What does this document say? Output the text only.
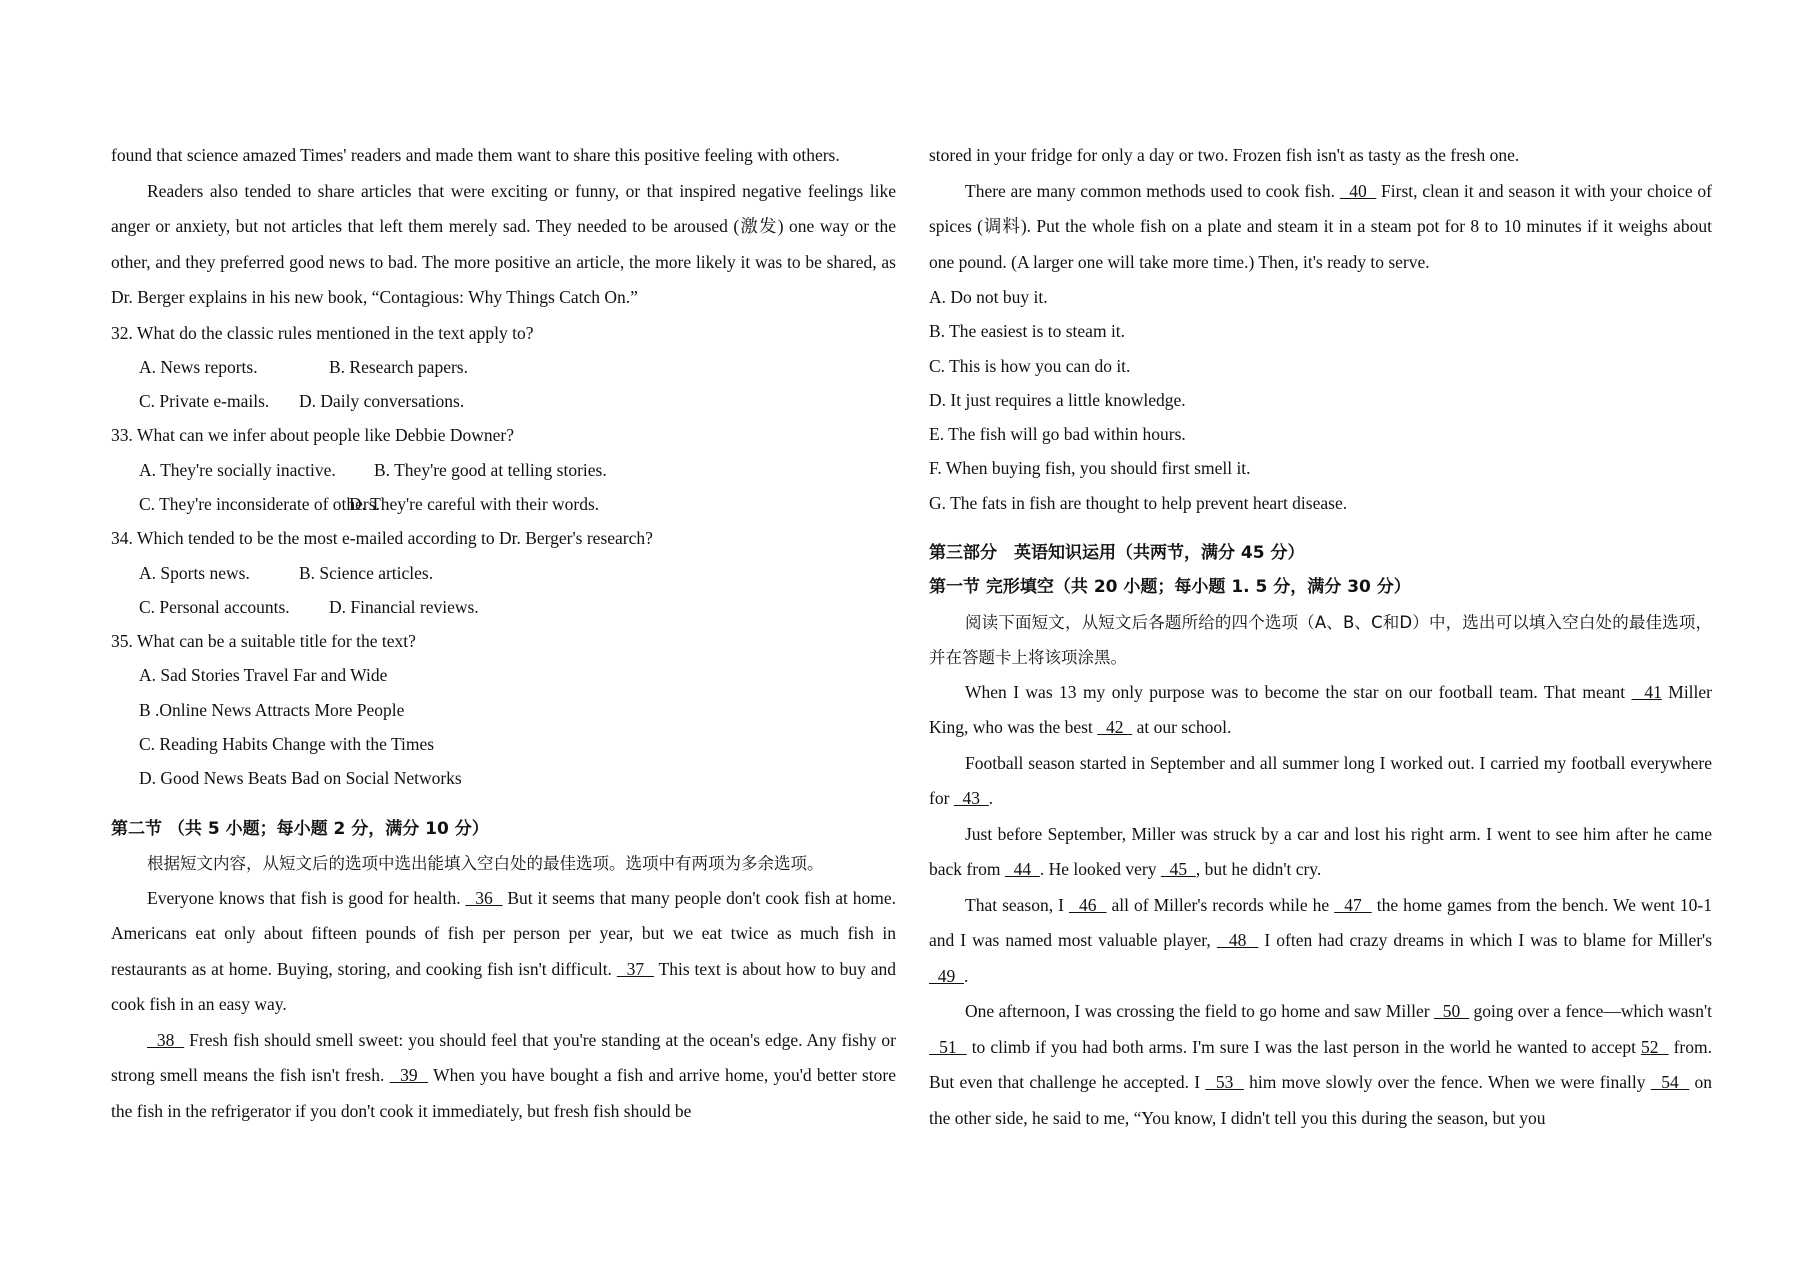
found that science amazed Times' readers and made them want to share this positive feeling with others.

Readers also tended to share articles that were exciting or funny, or that inspired negative feelings like anger or anxiety, but not articles that left them merely sad. They needed to be aroused (激发) one way or the other, and they preferred good news to bad. The more positive an article, the more likely it was to be shared, as Dr. Berger explains in his new book, “Contagious: Why Things Catch On.”

32. What do the classic rules mentioned in the text apply to?

A. News reports.	B. Research papers.

C. Private e-mails. D. Daily conversations.

33. What can we infer about people like Debbie Downer?

A. They're socially inactive. B. They're good at telling stories.

C. They're inconsiderate of others.D. They're careful with their words.

34. Which tended to be the most e-mailed according to Dr. Berger's research?

A. Sports news.	B. Science articles.

C. Personal accounts. D. Financial reviews.

35. What can be a suitable title for the text?

A. Sad Stories Travel Far and Wide

B .Online News Attracts More People

C. Reading Habits Change with the Times

D. Good News Beats Bad on Social Networks

第二节 （共 5 小题；每小题 2 分，满分 10 分）

根据短文内容，从短文后的选项中选出能填入空白处的最佳选项。选项中有两项为多余选项。

Everyone knows that fish is good for health.   36   But it seems that many people don't cook fish at home. Americans eat only about fifteen pounds of fish per person per year, but we eat twice as much fish in restaurants as at home. Buying, storing, and cooking fish isn't difficult.   37   This text is about how to buy and cook fish in an easy way.

38   Fresh fish should smell sweet: you should feel that you're standing at the ocean's edge. Any fishy or strong smell means the fish isn't fresh.   39   When you have bought a fish and arrive home, you'd better store the fish in the refrigerator if you don't cook it immediately, but fresh fish should be

stored in your fridge for only a day or two. Frozen fish isn't as tasty as the fresh one.

There are many common methods used to cook fish.   40   First, clean it and season it with your choice of spices (调料). Put the whole fish on a plate and steam it in a steam pot for 8 to 10 minutes if it weighs about one pound. (A larger one will take more time.) Then, it's ready to serve.

A. Do not buy it.

B. The easiest is to steam it.

C. This is how you can do it.

D. It just requires a little knowledge.

E. The fish will go bad within hours.

F. When buying fish, you should first smell it.

G. The fats in fish are thought to help prevent heart disease.

第三部分　英语知识运用（共两节，满分 45 分）

第一节 完形填空（共 20 小题；每小题 1. 5 分，满分 30 分）

阅读下面短文，从短文后各题所给的四个选项（A、B、C和D）中，选出可以填入空白处的最佳选项，并在答题卡上将该项涂黑。

When I was 13 my only purpose was to become the star on our football team. That meant   41 Miller King, who was the best   42   at our school.

Football season started in September and all summer long I worked out. I carried my football everywhere for   43  .

Just before September, Miller was struck by a car and lost his right arm. I went to see him after he came back from   44  . He looked very   45  , but he didn't cry.

That season, I   46   all of Miller's records while he   47   the home games from the bench. We went 10-1 and I was named most valuable player,   48   I often had crazy dreams in which I was to blame for Miller's   49  .

One afternoon, I was crossing the field to go home and saw Miller   50   going over a fence—which wasn't   51   to climb if you had both arms. I'm sure I was the last person in the world he wanted to accept 52   from. But even that challenge he accepted. I   53   him move slowly over the fence. When we were finally   54   on the other side, he said to me, “You know, I didn't tell you this during the season, but you
